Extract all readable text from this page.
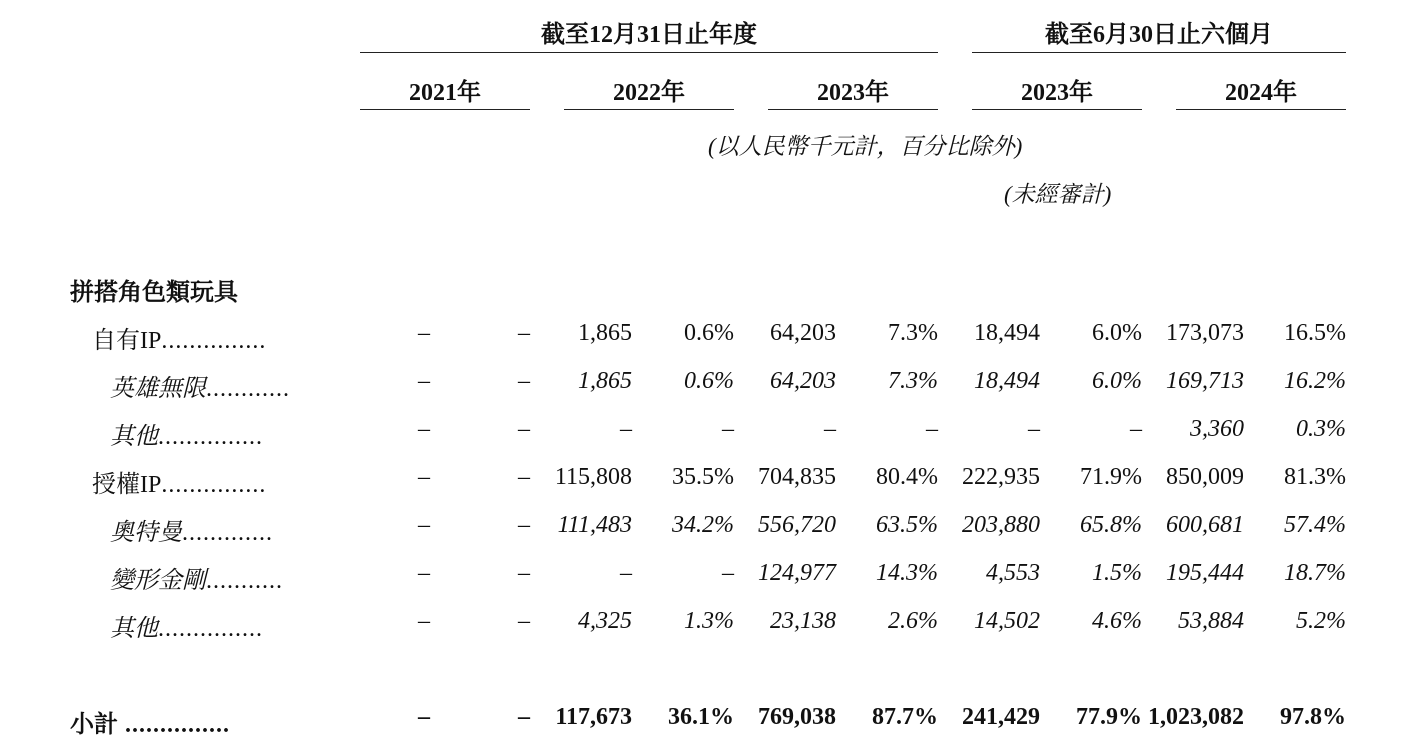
截至12月31日止年度	截至6月30日止六個月
2021年	2022年	2023年	2023年	2024年
(以人民幣千元計，百分比除外)
(未經審計)
拼搭角色類玩具
自有IP...............	–	– 1,865 0.6% 64,203 7.3% 18,494 6.0% 173,073 16.5%
英雄無限............	–	– 1,865 0.6% 64,203 7.3% 18,494 6.0% 169,713 16.2%
其他...............	–	–	–	–	–	–	–	– 3,360 0.3%
授權IP...............	–	– 115,808 35.5% 704,835 80.4% 222,935 71.9% 850,009 81.3%
奧特曼.............	–	– 111,483 34.2% 556,720 63.5% 203,880 65.8% 600,681 57.4%
變形金剛...........	–	–	–	– 124,977 14.3% 4,553 1.5% 195,444 18.7%
其他...............	–	– 4,325 1.3% 23,138 2.6% 14,502 4.6% 53,884 5.2%
小計 ...............	–	– 117,673 36.1% 769,038 87.7% 241,429 77.9% 1,023,082 97.8%
